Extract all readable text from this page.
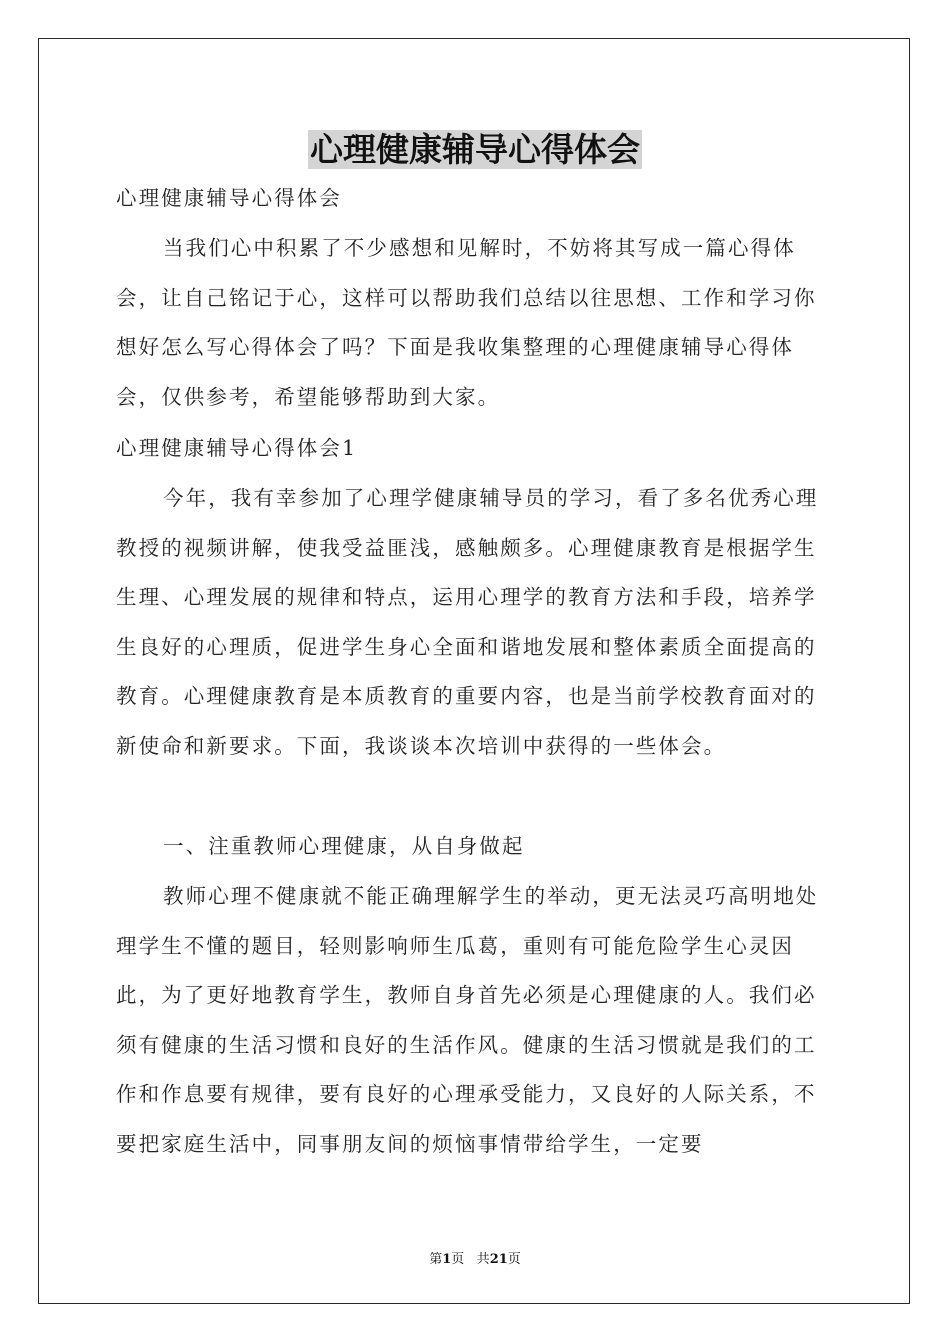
心理健康辅导心得体会

心理健康辅导心得体会

当我们心中积累了不少感想和见解时，不妨将其写成一篇心得体会，让自己铭记于心，这样可以帮助我们总结以往思想、工作和学习你想好怎么写心得体会了吗？下面是我收集整理的心理健康辅导心得体会，仅供参考，希望能够帮助到大家。

心理健康辅导心得体会1

今年，我有幸参加了心理学健康辅导员的学习，看了多名优秀心理教授的视频讲解，使我受益匪浅，感触颇多。心理健康教育是根据学生生理、心理发展的规律和特点，运用心理学的教育方法和手段，培养学生良好的心理质，促进学生身心全面和谐地发展和整体素质全面提高的教育。心理健康教育是本质教育的重要内容，也是当前学校教育面对的新使命和新要求。下面，我谈谈本次培训中获得的一些体会。

一、注重教师心理健康，从自身做起

教师心理不健康就不能正确理解学生的举动，更无法灵巧高明地处理学生不懂的题目，轻则影响师生瓜葛，重则有可能危险学生心灵因此，为了更好地教育学生，教师自身首先必须是心理健康的人。我们必须有健康的生活习惯和良好的生活作风。健康的生活习惯就是我们的工作和作息要有规律，要有良好的心理承受能力，又良好的人际关系，不要把家庭生活中，同事朋友间的烦恼事情带给学生，一定要

第1页 共21页
